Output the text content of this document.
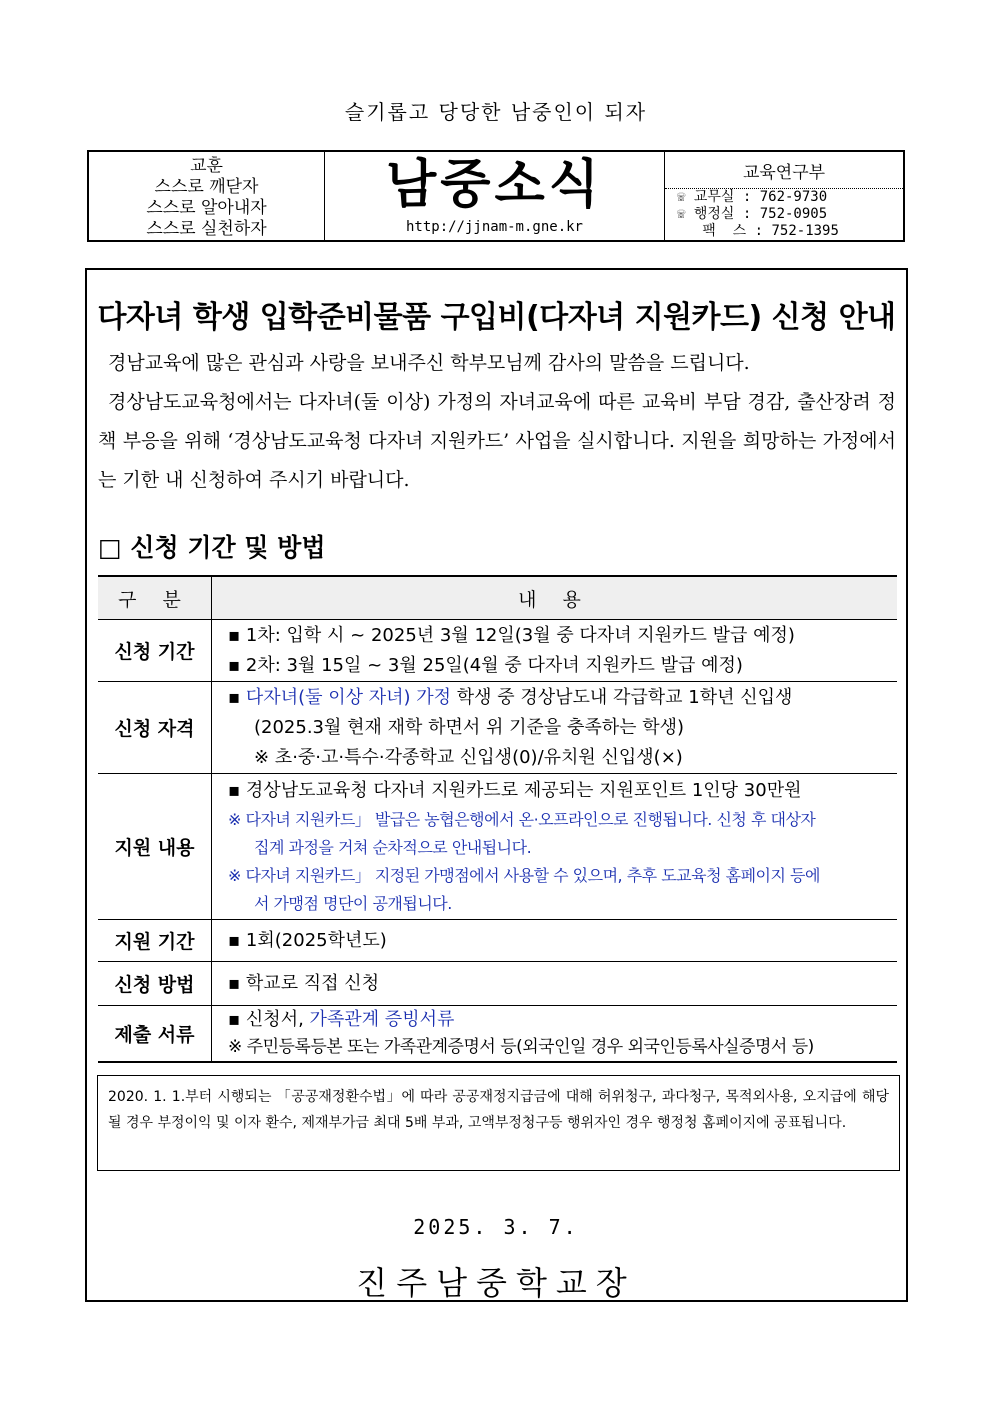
슬기롭고 당당한 남중인이 되자
교훈
스스로 깨닫자
스스로 알아내자
스스로 실천하자
남중소식
http://jjnam-m.gne.kr
교육연구부
☏ 교무실 : 762-9730
☏ 행정실 : 752-0905
팩  스 : 752-1395
다자녀 학생 입학준비물품 구입비(다자녀 지원카드) 신청 안내

경남교육에 많은 관심과 사랑을 보내주신 학부모님께 감사의 말씀을 드립니다.

경상남도교육청에서는 다자녀(둘 이상) 가정의 자녀교육에 따른 교육비 부담 경감, 출산장려 정책 부응을 위해 ‘경상남도교육청 다자녀 지원카드’ 사업을 실시합니다. 지원을 희망하는 가정에서는 기한 내 신청하여 주시기 바랍니다.

□ 신청 기간 및 방법
구 분	내 용
신청 기간	▪ 1차: 입학 시 ~ 2025년 3월 12일(3월 중 다자녀 지원카드 발급 예정)
▪ 2차: 3월 15일 ~ 3월 25일(4월 중 다자녀 지원카드 발급 예정)

신청 자격	▪ 다자녀(둘 이상 자녀) 가정 학생 중 경상남도내 각급학교 1학년 신입생
(2025.3월 현재 재학 하면서 위 기준을 충족하는 학생)
※ 초·중·고·특수·각종학교 신입생(0)/유치원 신입생(×)

지원 내용	▪ 경상남도교육청 다자녀 지원카드로 제공되는 지원포인트 1인당 30만원
※ 다자녀 지원카드」 발급은 농협은행에서 온·오프라인으로 진행됩니다. 신청 후 대상자
집계 과정을 거쳐 순차적으로 안내됩니다.
※ 다자녀 지원카드」 지정된 가맹점에서 사용할 수 있으며, 추후 도교육청 홈페이지 등에
서 가맹점 명단이 공개됩니다.

지원 기간	▪ 1회(2025학년도)
신청 방법	▪ 학교로 직접 신청
제출 서류	▪ 신청서, 가족관계 증빙서류
※ 주민등록등본 또는 가족관계증명서 등(외국인일 경우 외국인등록사실증명서 등)
2020. 1. 1.부터 시행되는 「공공재정환수법」에 따라 공공재정지급금에 대해 허위청구, 과다청구, 목적외사용, 오지급에 해당될 경우 부정이익 및 이자 환수, 제재부가금 최대 5배 부과, 고액부정청구등 행위자인 경우 행정청 홈페이지에 공표됩니다.
2025. 3. 7.
진주남중학교장
